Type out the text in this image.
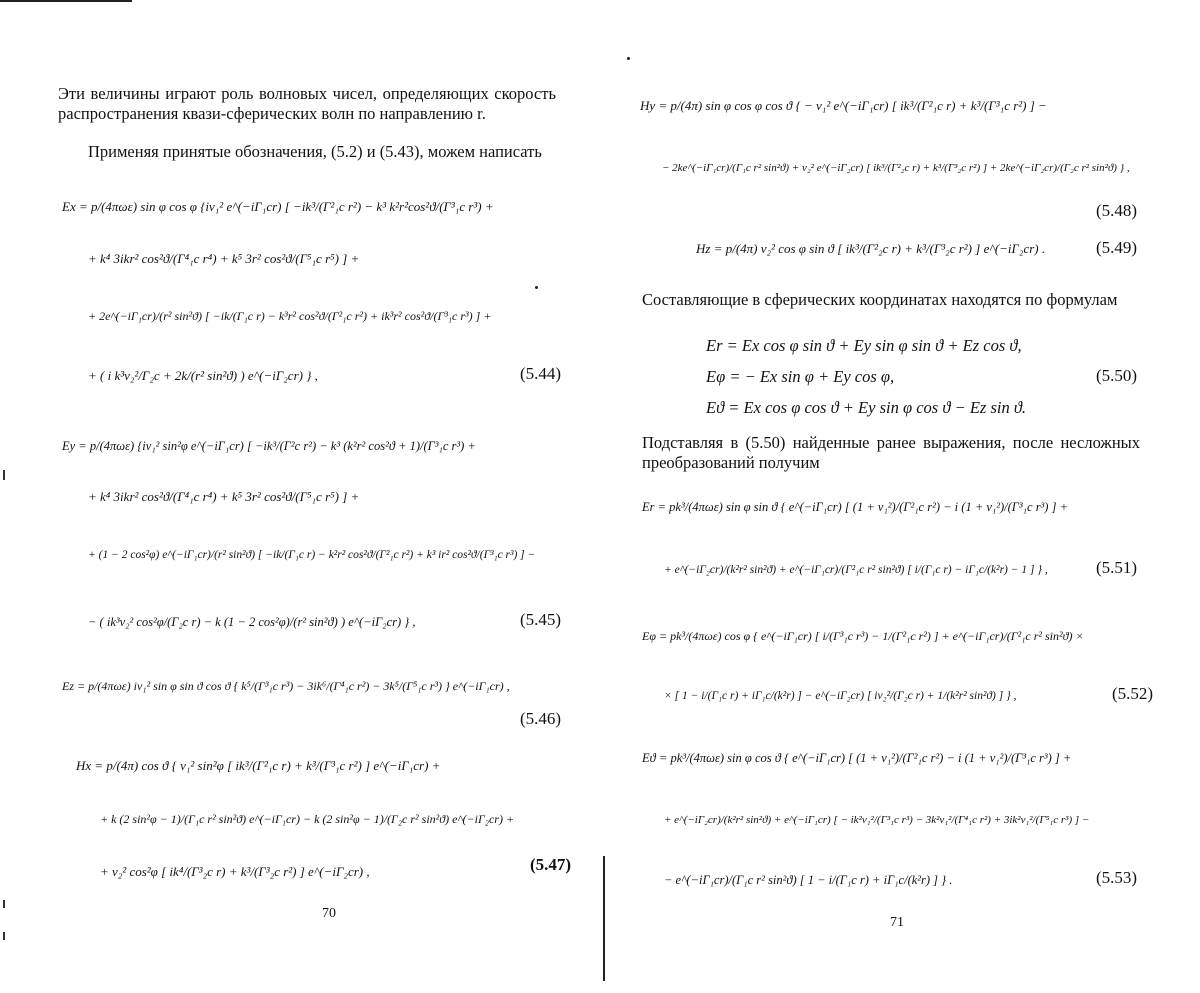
Эти величины играют роль волновых чисел, определяющих скорость распространения квази-сферических волн по направлению r.

Применяя принятые обозначения, (5.2) и (5.43), можем написать

Ex = p/(4πωε) sin φ cos φ {iν₁² e^(−iΓ₁cr) [ −ik³/(Γ²₁c r²) − k³ k²r²cos²ϑ/(Γ³₁c r³) +
+ k⁴ 3ikr² cos²ϑ/(Γ⁴₁c r⁴) + k⁵ 3r² cos²ϑ/(Γ⁵₁c r⁵) ] +
+ 2e^(−iΓ₁cr)/(r² sin²ϑ) [ −ik/(Γ₁c r) − k³r² cos²ϑ/(Γ²₁c r²) + ik³r² cos²ϑ/(Γ³₁c r³) ] +
+ ( i k³ν₂²/Γ₂c + 2k/(r² sin²ϑ) ) e^(−iΓ₂cr) } ,	(5.44)
Ey = p/(4πωε) {iν₁² sin²φ e^(−iΓ₁cr) [ −ik³/(Γ²c r²) − k³ (k²r² cos²ϑ + 1)/(Γ³₁c r³) +
+ k⁴ 3ikr² cos²ϑ/(Γ⁴₁c r⁴) + k⁵ 3r² cos²ϑ/(Γ⁵₁c r⁵) ] +
+ (1 − 2 cos²φ) e^(−iΓ₁cr)/(r² sin²ϑ) [ −ik/(Γ₁c r) − k²r² cos²ϑ/(Γ²₁c r²) + k³ ir² cos²ϑ/(Γ³₁c r³) ] −
− ( ik³ν₂² cos²φ/(Γ₂c r) − k (1 − 2 cos²φ)/(r² sin²ϑ) ) e^(−iΓ₂cr) } ,	(5.45)
Ez = p/(4πωε) iν₁² sin φ sin ϑ cos ϑ { k⁵/(Γ³₁c r³) − 3ik⁶/(Γ⁴₁c r²) − 3k⁵/(Γ⁵₁c r³) } e^(−iΓ₁cr) ,
(5.46)
Hx = p/(4π) cos ϑ { ν₁² sin²φ [ ik³/(Γ²₁c r) + k³/(Γ³₁c r²) ] e^(−iΓ₁cr) +
+ k (2 sin²φ − 1)/(Γ₁c r² sin²ϑ) e^(−iΓ₁cr) − k (2 sin²φ − 1)/(Γ₂c r² sin²ϑ) e^(−iΓ₂cr) +
+ ν₂² cos²φ [ ik⁴/(Γ³₂c r) + k³/(Γ³₂c r²) ] e^(−iΓ₂cr) ,	(5.47)
70
Hy = p/(4π) sin φ cos φ cos ϑ { − ν₁² e^(−iΓ₁cr) [ ik³/(Γ²₁c r) + k³/(Γ³₁c r²) ] −
− 2ke^(−iΓ₁cr)/(Γ₁c r² sin²ϑ) + ν₂² e^(−iΓ₂cr) [ ik³/(Γ²₂c r) + k³/(Γ³₂c r²) ] + 2ke^(−iΓ₂cr)/(Γ₂c r² sin²ϑ) } ,
(5.48)
Hz = p/(4π) ν₂² cos φ sin ϑ [ ik³/(Γ²₂c r) + k³/(Γ³₂c r²) ] e^(−iΓ₂cr) .	(5.49)

Составляющие в сферических координатах находятся по формулам

Er = Ex cos φ sin ϑ + Ey sin φ sin ϑ + Ez cos ϑ,
Eφ = − Ex sin φ + Ey cos φ,
Eϑ = Ex cos φ cos ϑ + Ey sin φ cos ϑ − Ez sin ϑ.
(5.50)

Подставляя в (5.50) найденные ранее выражения, после несложных преобразований получим

Er = pk³/(4πωε) sin φ sin ϑ { e^(−iΓ₁cr) [ (1 + ν₁²)/(Γ²₁c r²) − i (1 + ν₁²)/(Γ³₁c r³) ] +
+ e^(−iΓ₂cr)/(k²r² sin²ϑ) + e^(−iΓ₁cr)/(Γ²₁c r² sin²ϑ) [ i/(Γ₁c r) − iΓ₁c/(k²r) − 1 ] } ,	(5.51)
Eφ = pk³/(4πωε) cos φ { e^(−iΓ₁cr) [ i/(Γ³₁c r³) − 1/(Γ²₁c r²) ] + e^(−iΓ₁cr)/(Γ²₁c r² sin²ϑ) ×
× [ 1 − i/(Γ₁c r) + iΓ₁c/(k²r) ] − e^(−iΓ₂cr) [ iν₂²/(Γ₂c r) + 1/(k²r² sin²ϑ) ] } ,	(5.52)
Eϑ = pk³/(4πωε) sin φ cos ϑ { e^(−iΓ₁cr) [ (1 + ν₁²)/(Γ²₁c r²) − i (1 + ν₁²)/(Γ³₁c r³) ] +
+ e^(−iΓ₂cr)/(k²r² sin²ϑ) + e^(−iΓ₁cr) [ − ik²ν₁²/(Γ³₁c r³) − 3k²ν₁²/(Γ⁴₁c r²) + 3ik²ν₁²/(Γ⁵₁c r³) ] −
− e^(−iΓ₁cr)/(Γ₁c r² sin²ϑ) [ 1 − i/(Γ₁c r) + iΓ₁c/(k²r) ] } .	(5.53)
71
